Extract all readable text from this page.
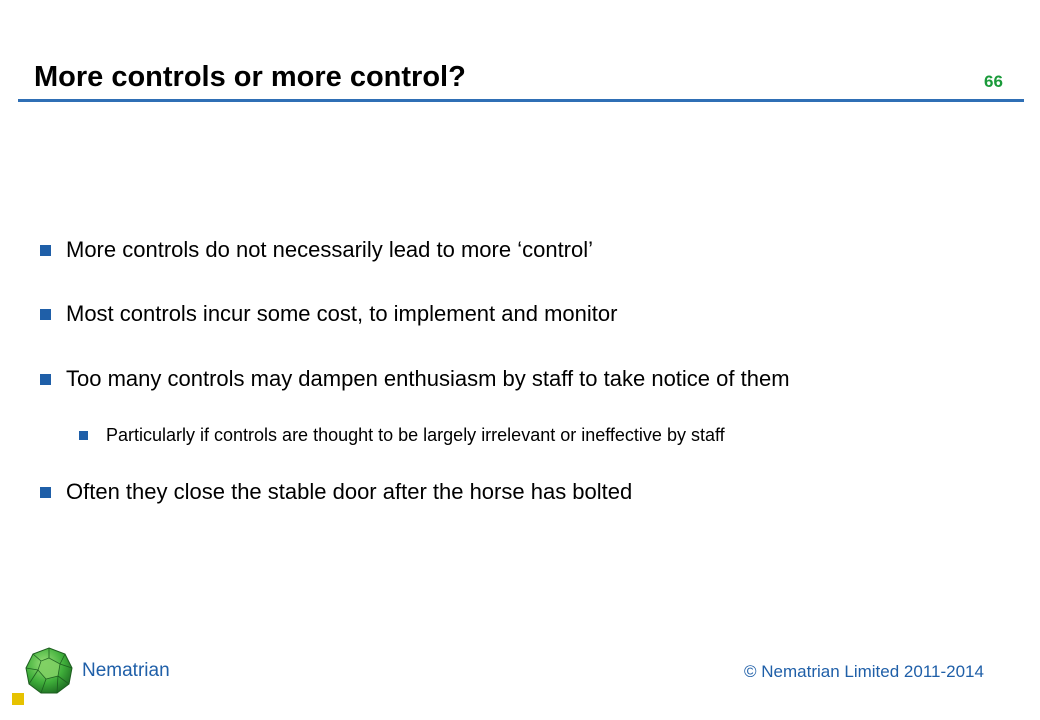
More controls or more control?	66
More controls do not necessarily lead to more ‘control’
Most controls incur some cost, to implement and monitor
Too many controls may dampen enthusiasm by staff to take notice of them
Particularly if controls are thought to be largely irrelevant or ineffective by staff
Often they close the stable door after the horse has bolted
Nematrian	© Nematrian Limited 2011-2014
